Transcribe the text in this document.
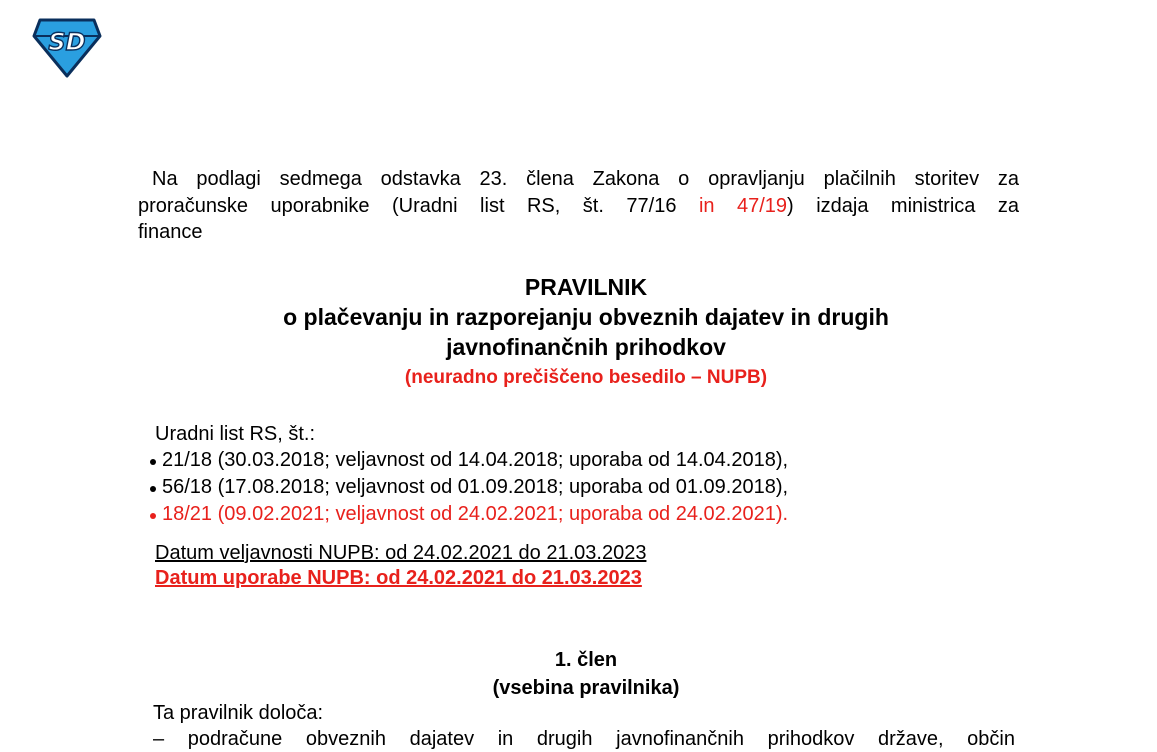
SD
Na podlagi sedmega odstavka 23. člena Zakona o opravljanju plačilnih storitev za
proračunske uporabnike (Uradni list RS, št. 77/16 in 47/19) izdaja ministrica za
finance
PRAVILNIK
o plačevanju in razporejanju obveznih dajatev in drugih
javnofinančnih prihodkov
(neuradno prečiščeno besedilo – NUPB)
Uradni list RS, št.:
21/18 (30.03.2018; veljavnost od 14.04.2018; uporaba od 14.04.2018),
56/18 (17.08.2018; veljavnost od 01.09.2018; uporaba od 01.09.2018),
18/21 (09.02.2021; veljavnost od 24.02.2021; uporaba od 24.02.2021).
Datum veljavnosti NUPB: od 24.02.2021 do 21.03.2023
Datum uporabe NUPB: od 24.02.2021 do 21.03.2023
1. člen
(vsebina pravilnika)
Ta pravilnik določa:
– podračune obveznih dajatev in drugih javnofinančnih prihodkov države, občin
